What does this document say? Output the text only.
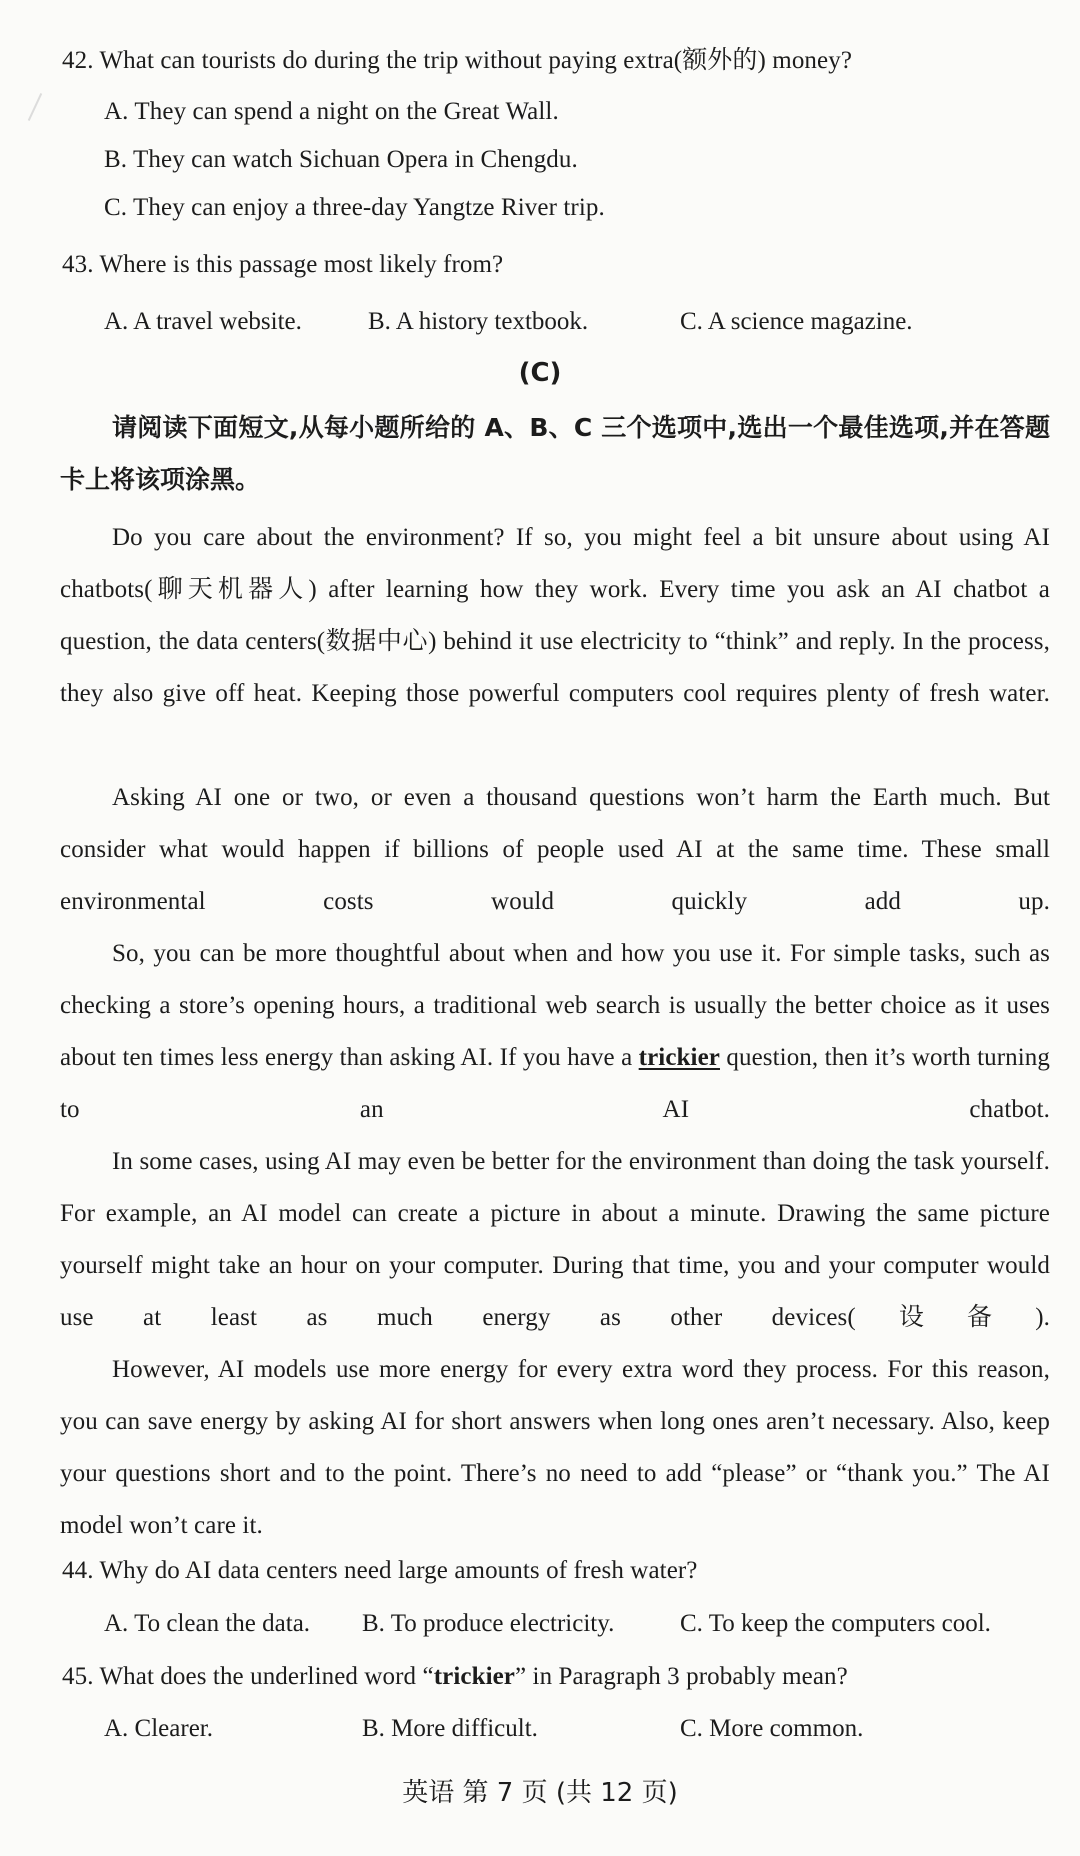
42. What can tourists do during the trip without paying extra(额外的) money?
A. They can spend a night on the Great Wall.
B. They can watch Sichuan Opera in Chengdu.
C. They can enjoy a three-day Yangtze River trip.
43. Where is this passage most likely from?
A. A travel website.	B. A history textbook.	C. A science magazine.
(C)
请阅读下面短文,从每小题所给的 A、B、C 三个选项中,选出一个最佳选项,并在答题卡上将该项涂黑。
Do you care about the environment? If so, you might feel a bit unsure about using AI chatbots(聊天机器人) after learning how they work. Every time you ask an AI chatbot a question, the data centers(数据中心) behind it use electricity to “think” and reply. In the process, they also give off heat. Keeping those powerful computers cool requires plenty of fresh water.
Asking AI one or two, or even a thousand questions won’t harm the Earth much. But consider what would happen if billions of people used AI at the same time. These small environmental costs would quickly add up.
So, you can be more thoughtful about when and how you use it. For simple tasks, such as checking a store’s opening hours, a traditional web search is usually the better choice as it uses about ten times less energy than asking AI. If you have a trickier question, then it’s worth turning to an AI chatbot.
In some cases, using AI may even be better for the environment than doing the task yourself. For example, an AI model can create a picture in about a minute. Drawing the same picture yourself might take an hour on your computer. During that time, you and your computer would use at least as much energy as other devices(设备).
However, AI models use more energy for every extra word they process. For this reason, you can save energy by asking AI for short answers when long ones aren’t necessary. Also, keep your questions short and to the point. There’s no need to add “please” or “thank you.” The AI model won’t care it.
44. Why do AI data centers need large amounts of fresh water?
A. To clean the data. B. To produce electricity.	C. To keep the computers cool.
45. What does the underlined word “trickier” in Paragraph 3 probably mean?
A. Clearer.	B. More difficult.	C. More common.
英语 第 7 页 (共 12 页)
